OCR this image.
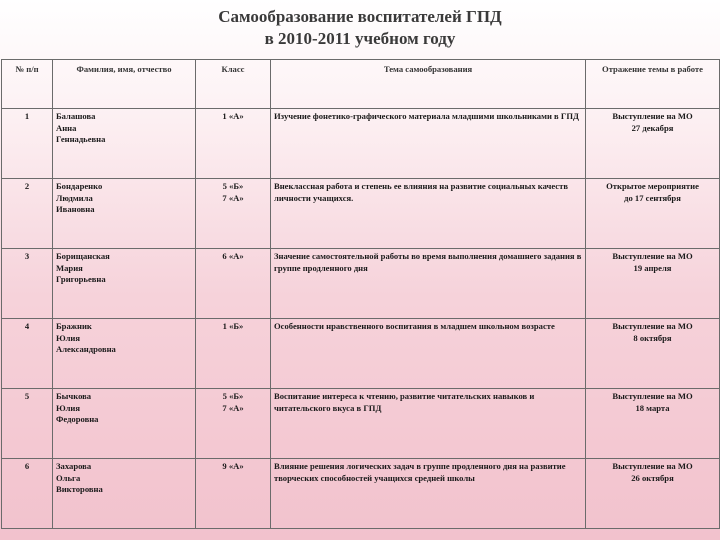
Самообразование воспитателей ГПД
в 2010-2011 учебном году
№ п/п	Фамилия, имя, отчество	Класс	Тема самообразования	Отражение темы в работе
1	Балашова
Анна
Геннадьевна	1 «А»	Изучение фонетико-графического материала младшими школьниками в ГПД	Выступление на МО
27 декабря

2	Бондаренко
Людмила
Ивановна	5 «Б»
7 «А»	Внеклассная работа и степень ее влияния на развитие социальных качеств личности учащихся.	Открытое мероприятие
до 17 сентября

3	Борищанская
Мария
Григорьевна	6 «А»	Значение самостоятельной работы во время выполнения домашнего задания в группе продленного дня	Выступление на МО
19 апреля

4	Бражник
Юлия
Александровна	1 «Б»	Особенности нравственного воспитания в младшем школьном возрасте	Выступление на МО
8 октября

5	Бычкова
Юлия
Федоровна	5 «Б»
7 «А»	Воспитание интереса к чтению, развитие читательских навыков и читательского вкуса в ГПД	Выступление на МО
18 марта

6	Захарова
Ольга
Викторовна	9 «А»	Влияние решения логических задач в группе продленного дня на развитие творческих способностей учащихся средней школы	Выступление на МО
26 октября
